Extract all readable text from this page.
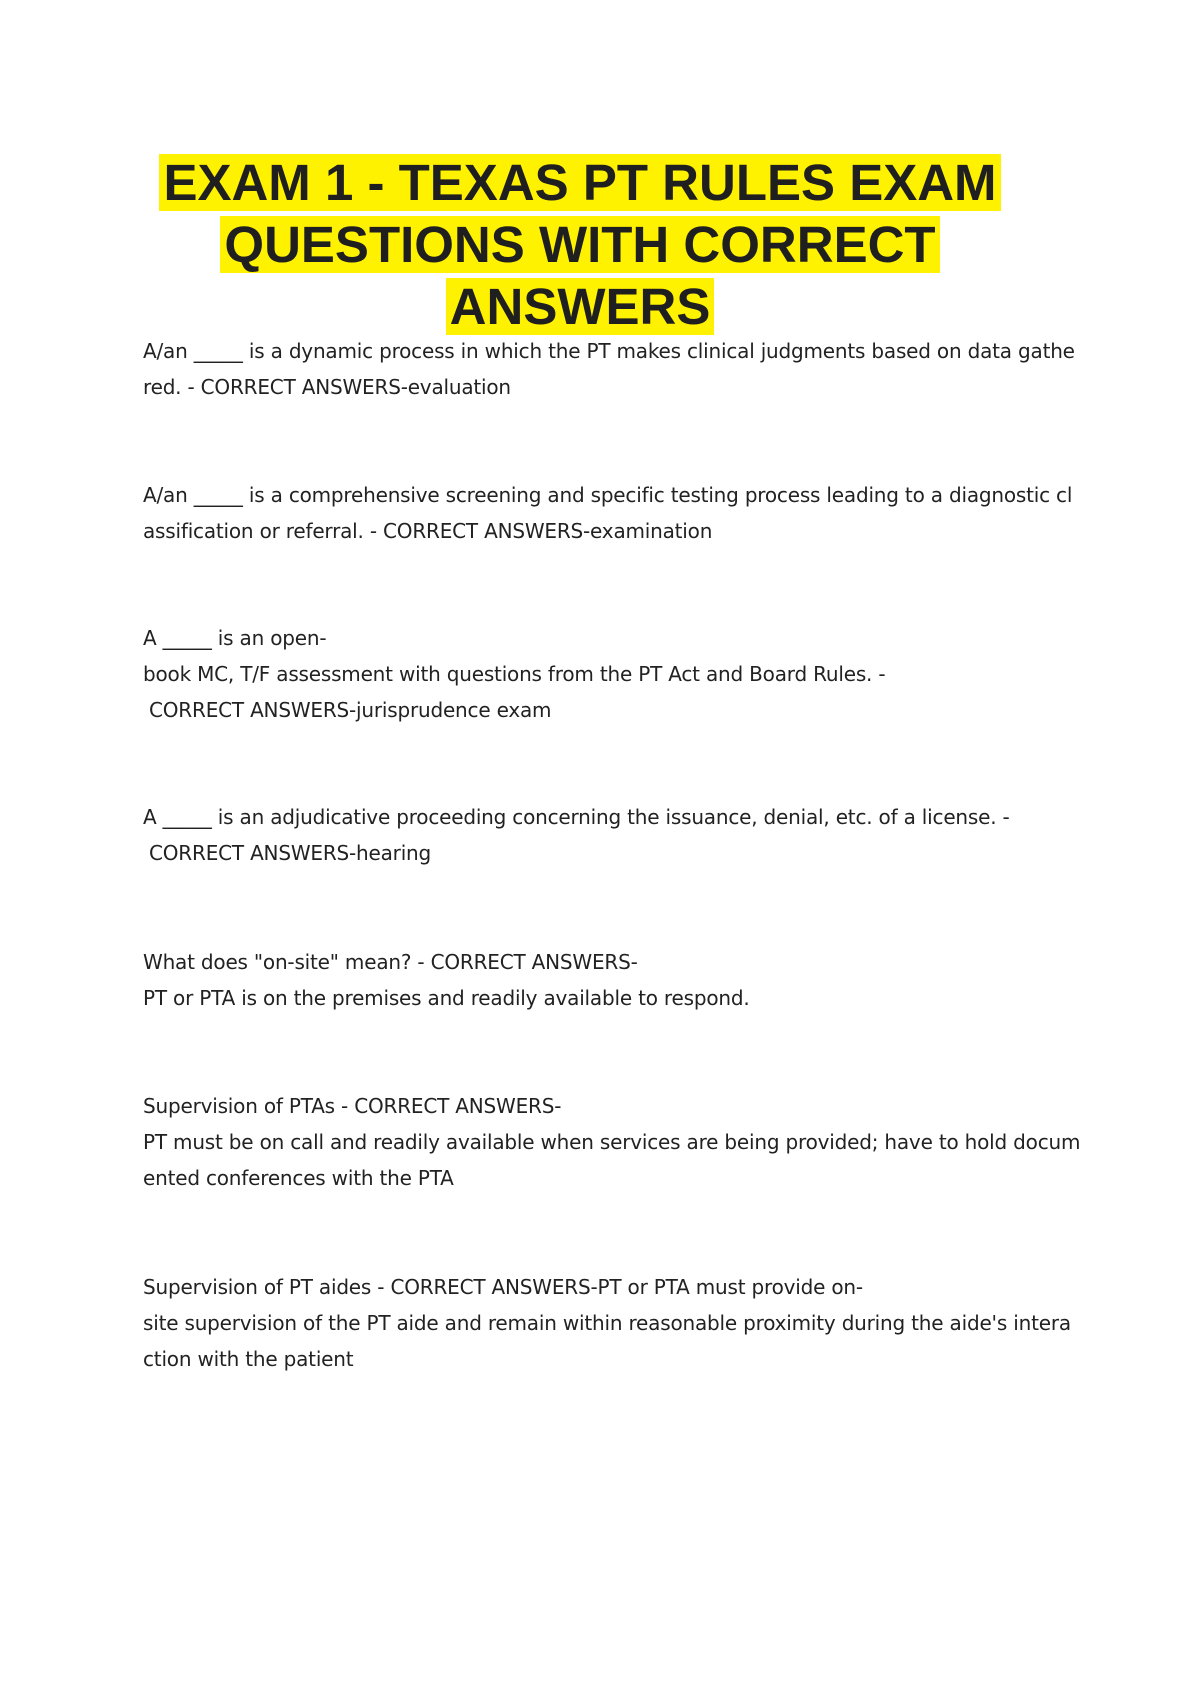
EXAM 1 - TEXAS PT RULES EXAM
QUESTIONS WITH CORRECT
ANSWERS
A/an _____ is a dynamic process in which the PT makes clinical judgments based on data gathe
red. - CORRECT ANSWERS-evaluation
A/an _____ is a comprehensive screening and specific testing process leading to a diagnostic cl
assification or referral. - CORRECT ANSWERS-examination
A _____ is an open-
book MC, T/F assessment with questions from the PT Act and Board Rules. -
CORRECT ANSWERS-jurisprudence exam
A _____ is an adjudicative proceeding concerning the issuance, denial, etc. of a license. -
CORRECT ANSWERS-hearing
What does "on-site" mean? - CORRECT ANSWERS-
PT or PTA is on the premises and readily available to respond.
Supervision of PTAs - CORRECT ANSWERS-
PT must be on call and readily available when services are being provided; have to hold docum
ented conferences with the PTA
Supervision of PT aides - CORRECT ANSWERS-PT or PTA must provide on-
site supervision of the PT aide and remain within reasonable proximity during the aide's intera
ction with the patient
